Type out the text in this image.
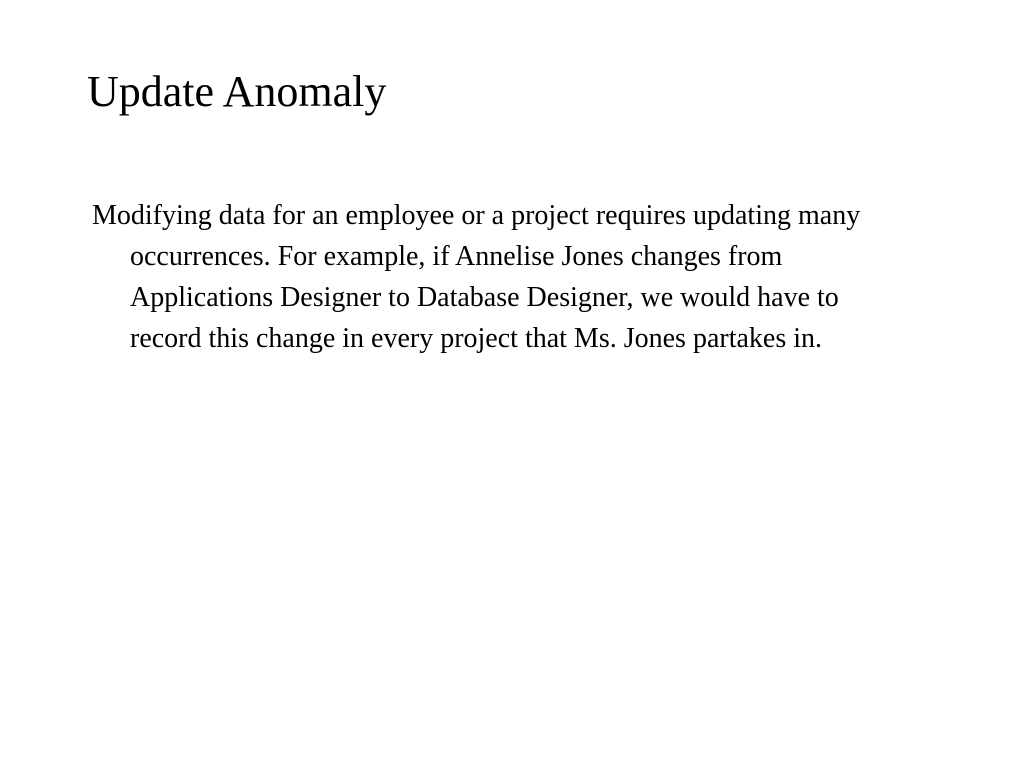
Update Anomaly

Modifying data for an employee or a project requires updating many occurrences. For example, if Annelise Jones changes from Applications Designer to Database Designer, we would have to record this change in every project that Ms. Jones partakes in.
